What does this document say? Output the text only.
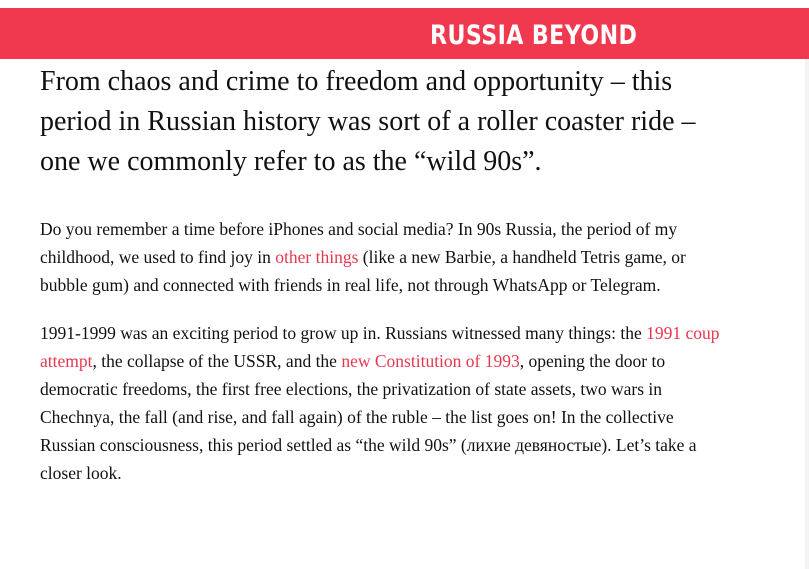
RUSSIA BEYOND
From chaos and crime to freedom and opportunity – this period in Russian history was sort of a roller coaster ride – one we commonly refer to as the “wild 90s”.

Do you remember a time before iPhones and social media? In 90s Russia, the period of my childhood, we used to find joy in other things (like a new Barbie, a handheld Tetris game, or bubble gum) and connected with friends in real life, not through WhatsApp or Telegram.

1991-1999 was an exciting period to grow up in. Russians witnessed many things: the 1991 coup attempt, the collapse of the USSR, and the new Constitution of 1993, opening the door to democratic freedoms, the first free elections, the privatization of state assets, two wars in Chechnya, the fall (and rise, and fall again) of the ruble – the list goes on! In the collective Russian consciousness, this period settled as “the wild 90s” (лихие девяностые). Let’s take a closer look.
